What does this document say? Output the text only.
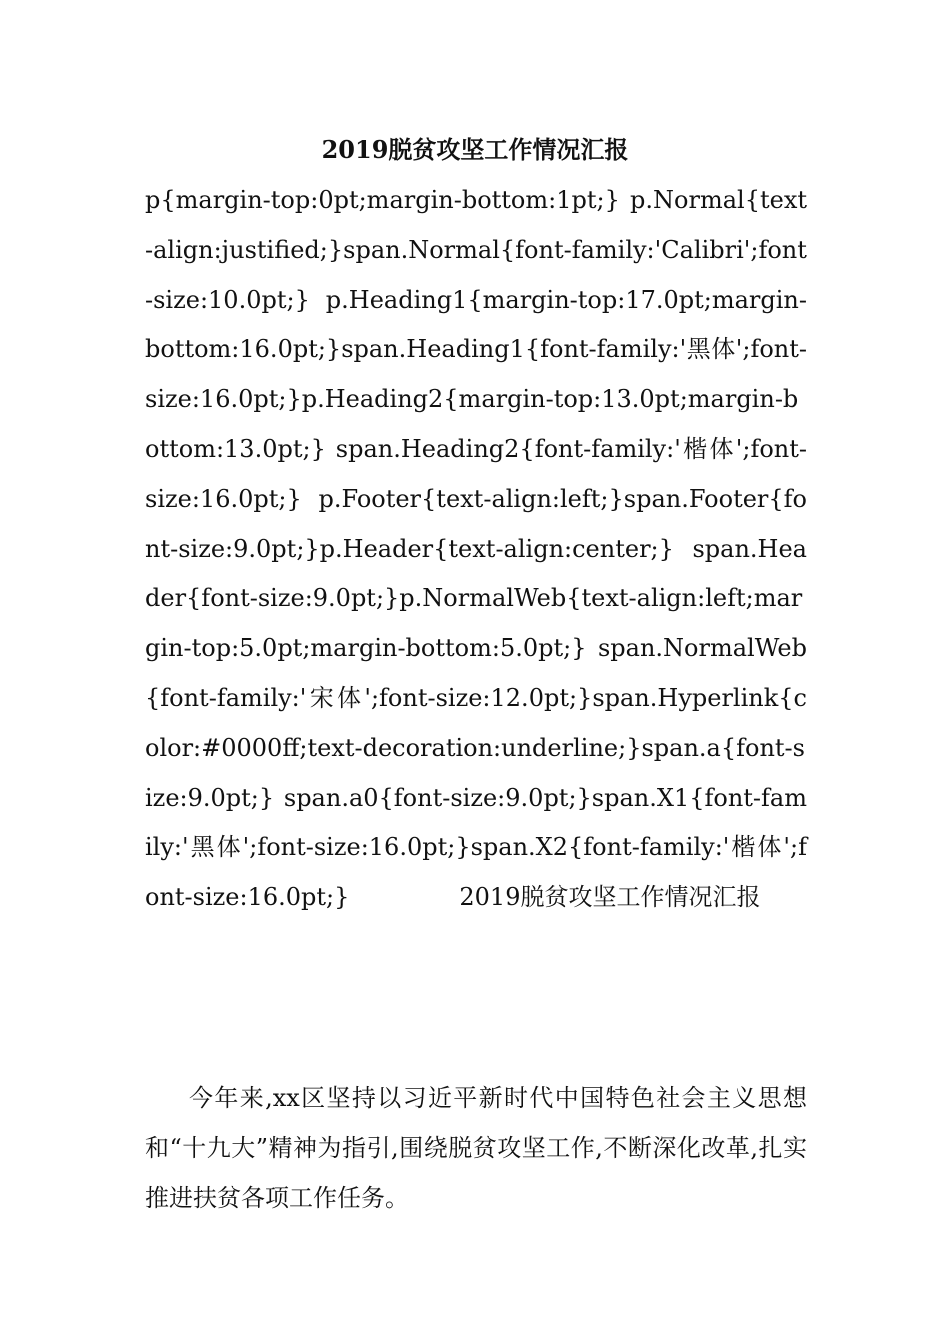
2019脱贫攻坚工作情况汇报

p{margin-top:0pt;margin-bottom:1pt;} p.Normal{text-align:justified;}span.Normal{font-family:'Calibri';font-size:10.0pt;} p.Heading1{margin-top:17.0pt;margin-bottom:16.0pt;}span.Heading1{font-family:'黑体';font-size:16.0pt;}p.Heading2{margin-top:13.0pt;margin-bottom:13.0pt;} span.Heading2{font-family:'楷体';font-size:16.0pt;} p.Footer{text-align:left;}span.Footer{font-size:9.0pt;}p.Header{text-align:center;} span.Header{font-size:9.0pt;}p.NormalWeb{text-align:left;margin-top:5.0pt;margin-bottom:5.0pt;} span.NormalWeb{font-family:'宋体';font-size:12.0pt;}span.Hyperlink{color:#0000ff;text-decoration:underline;}span.a{font-size:9.0pt;} span.a0{font-size:9.0pt;}span.X1{font-family:'黑体';font-size:16.0pt;}span.X2{font-family:'楷体';font-size:16.0pt;}	2019脱贫攻坚工作情况汇报

今年来,xx区坚持以习近平新时代中国特色社会主义思想和“十九大”精神为指引,围绕脱贫攻坚工作,不断深化改革,扎实推进扶贫各项工作任务。
